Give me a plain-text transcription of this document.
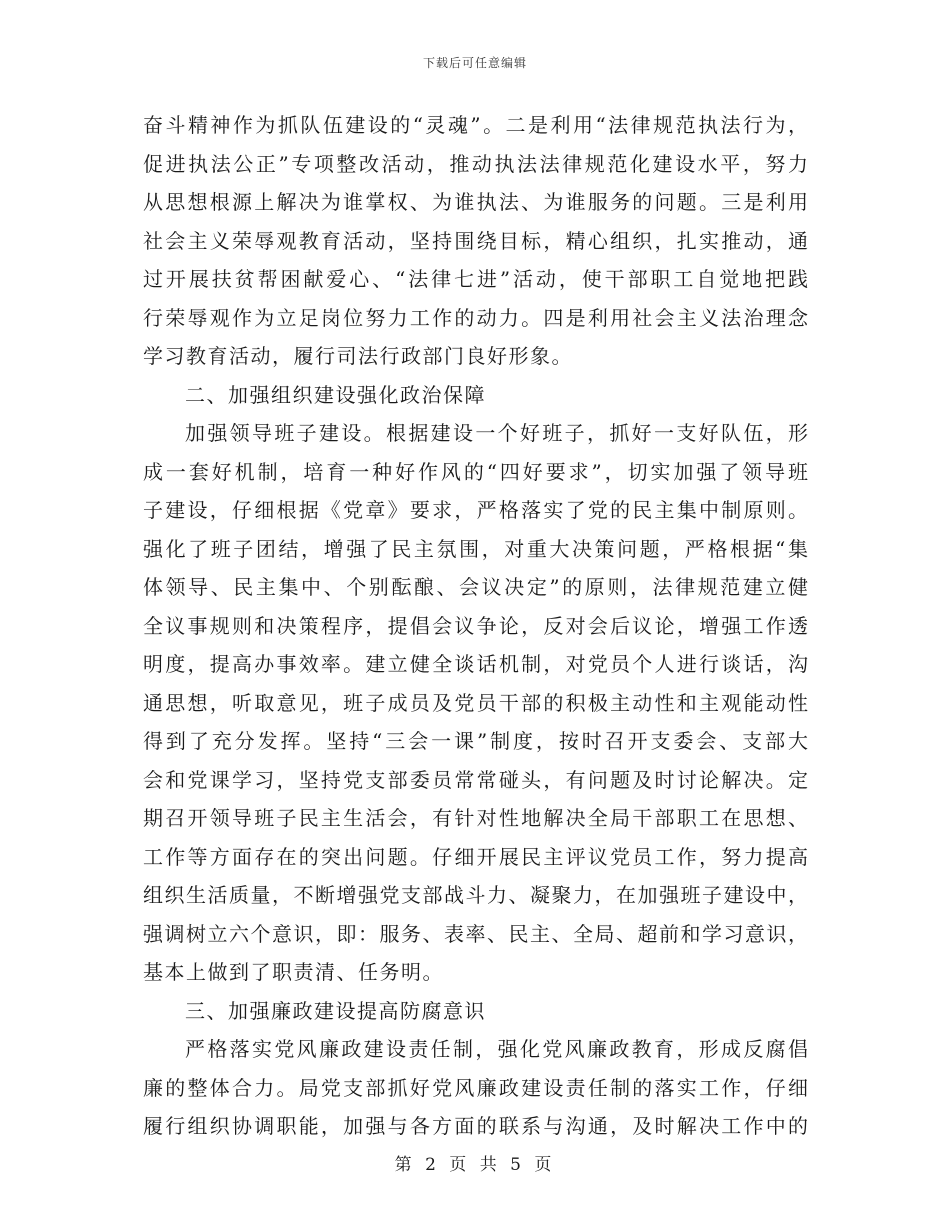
下载后可任意编辑
奋斗精神作为抓队伍建设的“灵魂”。二是利用“法律规范执法行为，
促进执法公正”专项整改活动，推动执法法律规范化建设水平，努力
从思想根源上解决为谁掌权、为谁执法、为谁服务的问题。三是利用
社会主义荣辱观教育活动，坚持围绕目标，精心组织，扎实推动，通
过开展扶贫帮困献爱心、“法律七进”活动，使干部职工自觉地把践
行荣辱观作为立足岗位努力工作的动力。四是利用社会主义法治理念
学习教育活动，履行司法行政部门良好形象。
二、加强组织建设强化政治保障
加强领导班子建设。根据建设一个好班子，抓好一支好队伍，形
成一套好机制，培育一种好作风的“四好要求”，切实加强了领导班
子建设，仔细根据《党章》要求，严格落实了党的民主集中制原则。
强化了班子团结，增强了民主氛围，对重大决策问题，严格根据“集
体领导、民主集中、个别酝酿、会议决定”的原则，法律规范建立健
全议事规则和决策程序，提倡会议争论，反对会后议论，增强工作透
明度，提高办事效率。建立健全谈话机制，对党员个人进行谈话，沟
通思想，听取意见，班子成员及党员干部的积极主动性和主观能动性
得到了充分发挥。坚持“三会一课”制度，按时召开支委会、支部大
会和党课学习，坚持党支部委员常常碰头，有问题及时讨论解决。定
期召开领导班子民主生活会，有针对性地解决全局干部职工在思想、
工作等方面存在的突出问题。仔细开展民主评议党员工作，努力提高
组织生活质量，不断增强党支部战斗力、凝聚力，在加强班子建设中，
强调树立六个意识，即：服务、表率、民主、全局、超前和学习意识，
基本上做到了职责清、任务明。
三、加强廉政建设提高防腐意识
严格落实党风廉政建设责任制，强化党风廉政教育，形成反腐倡
廉的整体合力。局党支部抓好党风廉政建设责任制的落实工作，仔细
履行组织协调职能，加强与各方面的联系与沟通，及时解决工作中的
第 2 页 共 5 页
